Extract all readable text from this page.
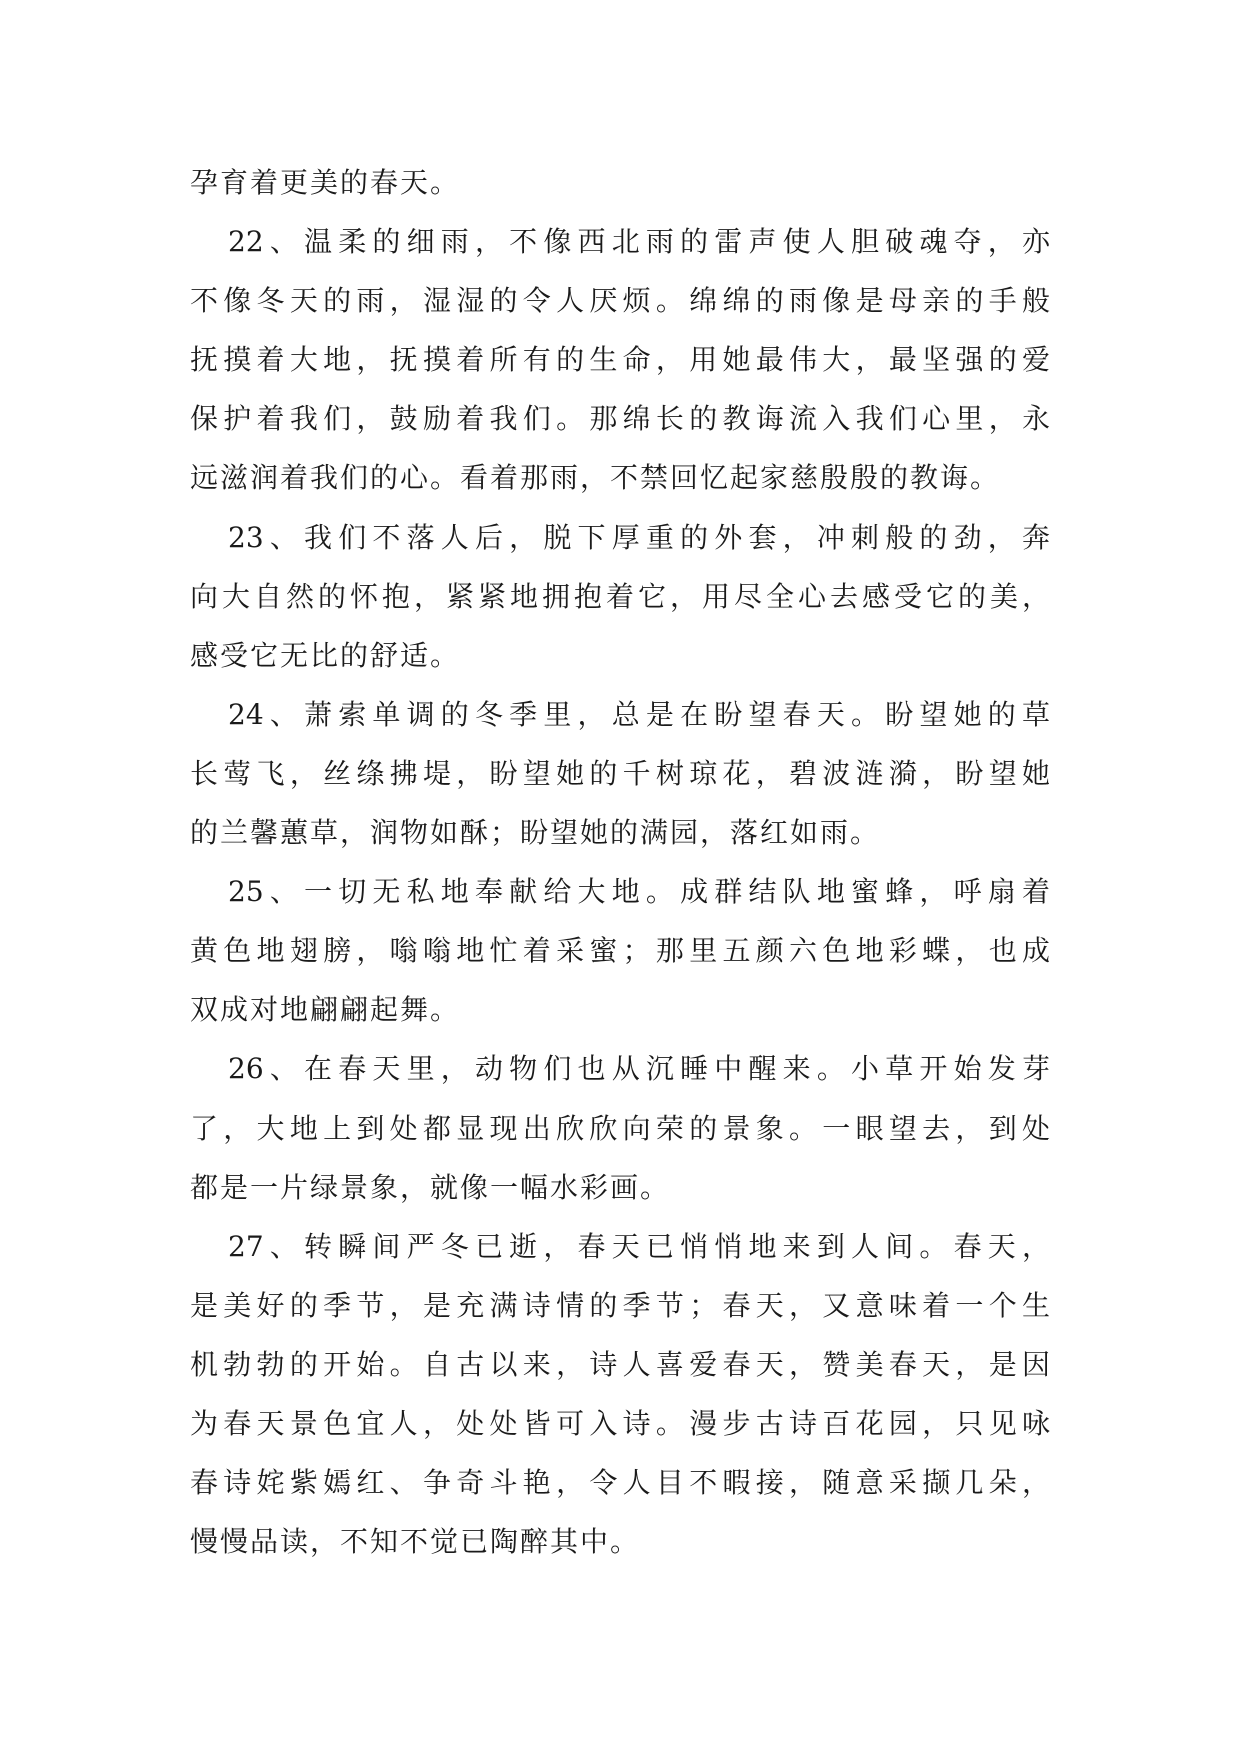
孕育着更美的春天。
22、温柔的细雨，不像西北雨的雷声使人胆破魂夺，亦
不像冬天的雨，湿湿的令人厌烦。绵绵的雨像是母亲的手般
抚摸着大地，抚摸着所有的生命，用她最伟大，最坚强的爱
保护着我们，鼓励着我们。那绵长的教诲流入我们心里，永
远滋润着我们的心。看着那雨，不禁回忆起家慈殷殷的教诲。
23、我们不落人后，脱下厚重的外套，冲刺般的劲，奔
向大自然的怀抱，紧紧地拥抱着它，用尽全心去感受它的美，
感受它无比的舒适。
24、萧索单调的冬季里，总是在盼望春天。盼望她的草
长莺飞，丝绦拂堤，盼望她的千树琼花，碧波涟漪，盼望她
的兰馨蕙草，润物如酥；盼望她的满园，落红如雨。
25、一切无私地奉献给大地。成群结队地蜜蜂，呼扇着
黄色地翅膀，嗡嗡地忙着采蜜；那里五颜六色地彩蝶，也成
双成对地翩翩起舞。
26、在春天里，动物们也从沉睡中醒来。小草开始发芽
了，大地上到处都显现出欣欣向荣的景象。一眼望去，到处
都是一片绿景象，就像一幅水彩画。
27、转瞬间严冬已逝，春天已悄悄地来到人间。春天，
是美好的季节，是充满诗情的季节；春天，又意味着一个生
机勃勃的开始。自古以来，诗人喜爱春天，赞美春天，是因
为春天景色宜人，处处皆可入诗。漫步古诗百花园，只见咏
春诗姹紫嫣红、争奇斗艳，令人目不暇接，随意采撷几朵，
慢慢品读，不知不觉已陶醉其中。
